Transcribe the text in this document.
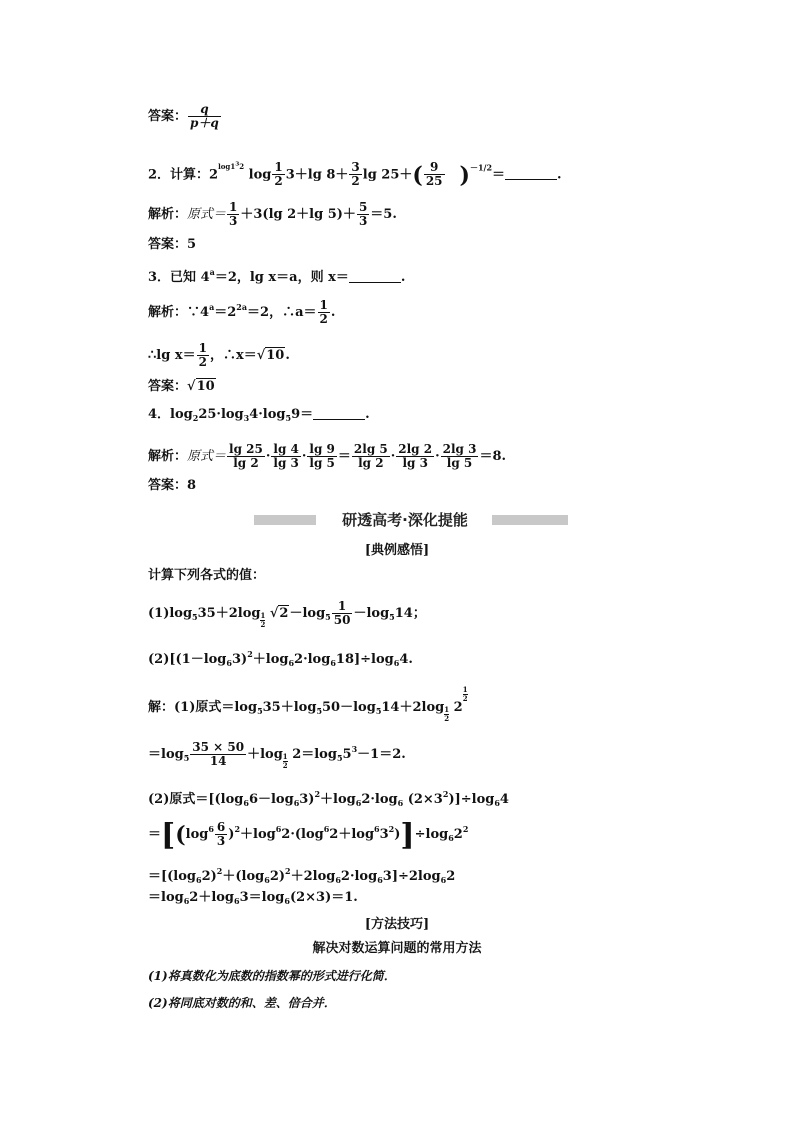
答案： $\frac{q}{p+q}$
2．计算：$2^{log1^32}$ $\log \frac{1}{2} 3+\lg$ $8+ \frac{3}{2}$ $\lg 25+( \frac{9}{25} )^{-1/2}=$	.
解析：原式＝ $\frac{1}{3} +3(\lg$ 2＋lg $5)+ \frac{5}{3} =5$.
答案：5
3．已知 $4^a=2$，lg x＝a，则 x＝	.
解析：$\because 4^a=2^{2a}=2$，∴a＝ $\frac{1}{2}$ .
∴lg $x= \frac{1}{2}$ ，∴x＝√10.
答案：√10
4．$\log_225\cdot\log_34\cdot\log_59=$	.
解析：原式＝ $\frac{\lg 25}{\lg 2} \cdot \frac{\lg 4}{\lg 3} \cdot \frac{\lg 9}{\lg 5} = \frac{2\lg 5}{\lg 2} \cdot \frac{2\lg 2}{\lg 3} \cdot \frac{2\lg 3}{\lg 5} =8$.
答案：8
研透高考·深化提能
[典例感悟]
计算下列各式的值：
$(1)\log_535+2\log \frac{1}{2} √2-\log_5 \frac{1}{50} -\log_514$；
$(2)[(1-\log_63)^2+\log_62\cdot\log_618]\div\log_64$.
解：(1)原式$=\log_535+\log_550-\log_514+2\log \frac{1}{2} 2$
$\frac{1}{2}$
$=\log_5 \frac{35 \times 50}{14} +\log \frac{1}{2} 2=\log_55^3-1=2$.
(2)原式$=[(\log_66-\log_63)^2+\log_62\cdot\log_6$ $(2\times 3^2)]\div\log_64$
$=[(\log^6 \frac{6}{3} )^2+\log^62\cdot(\log^62+\log^63^2)]\div\log_62^2$
$=[(\log_62)^2+(\log_62)^2+2\log_62\cdot\log_63]\div 2\log_62$
$=\log_62+\log_63=\log_6(2\times 3)=1$.
[方法技巧]
解决对数运算问题的常用方法
(1)将真数化为底数的指数幂的形式进行化简．
(2)将同底对数的和、差、倍合并．
